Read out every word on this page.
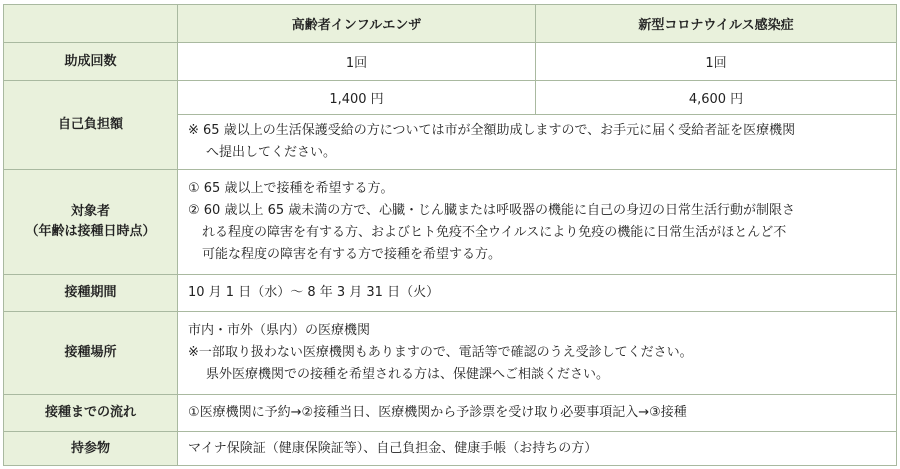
	高齢者インフルエンザ	新型コロナウイルス感染症
助成回数	1回	1回
自己負担額	1,400 円	4,600 円

	※ 65 歳以上の生活保護受給の方については市が全額助成しますので、お手元に届く受給者証を医療機関
へ提出してください。	

対象者
（年齢は接種日時点）	① 65 歳以上で接種を希望する方。
② 60 歳以上 65 歳未満の方で、心臓・じん臓または呼吸器の機能に自己の身辺の日常生活行動が制限さ
れる程度の障害を有する方、およびヒト免疫不全ウイルスにより免疫の機能に日常生活がほとんど不
可能な程度の障害を有する方で接種を希望する方。	

接種期間	10 月 1 日（水）～ 8 年 3 月 31 日（火）	
接種場所	市内・市外（県内）の医療機関
※一部取り扱わない医療機関もありますので、電話等で確認のうえ受診してください。
県外医療機関での接種を希望される方は、保健課へご相談ください。	

接種までの流れ	①医療機関に予約→②接種当日、医療機関から予診票を受け取り必要事項記入→③接種	
持参物	マイナ保険証（健康保険証等）、自己負担金、健康手帳（お持ちの方）	
